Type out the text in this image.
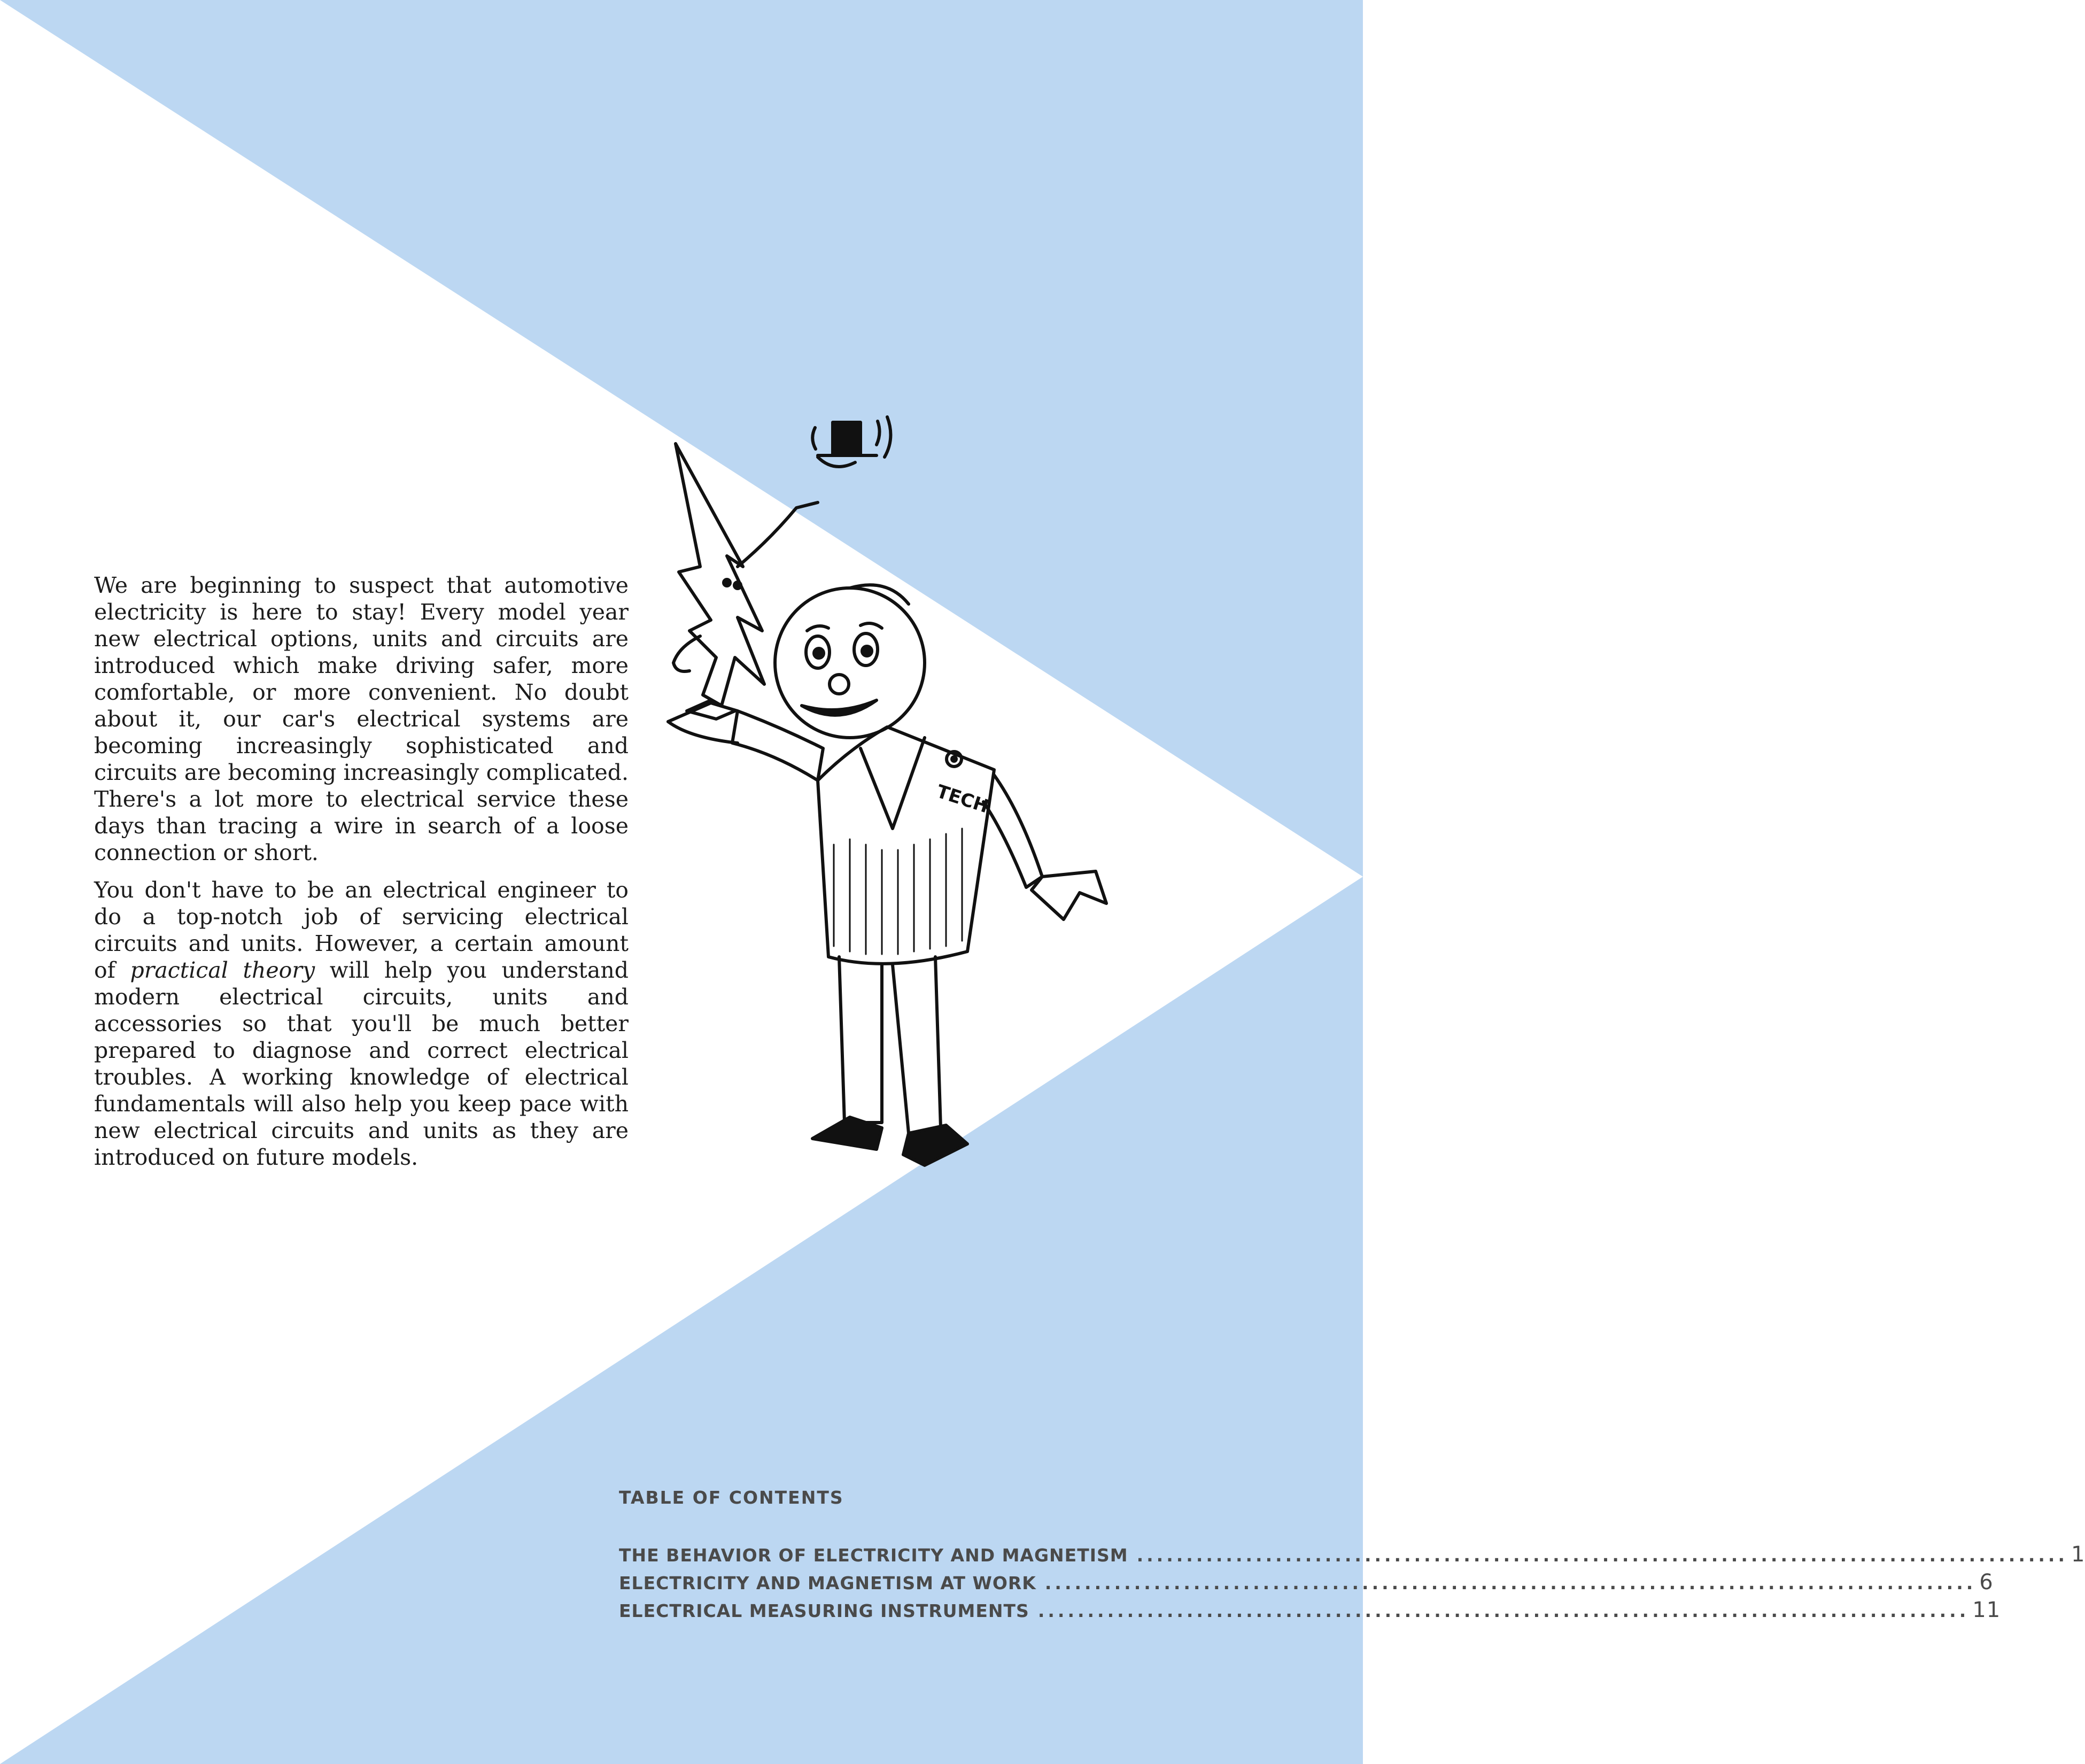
We are beginning to suspect that automotive electricity is here to stay! Every model year new electrical options, units and circuits are introduced which make driving safer, more comfortable, or more convenient. No doubt about it, our car's electrical systems are becoming increasingly sophisticated and circuits are becoming increasingly complicated. There's a lot more to electrical service these days than tracing a wire in search of a loose connection or short.

You don't have to be an electrical engineer to do a top-notch job of servicing electrical circuits and units. However, a certain amount of practical theory will help you understand modern electrical circuits, units and accessories so that you'll be much better prepared to diagnose and correct electrical troubles. A working knowledge of electrical fundamentals will also help you keep pace with new electrical circuits and units as they are introduced on future models.

TECH
TABLE OF CONTENTS
THE BEHAVIOR OF ELECTRICITY AND MAGNETISM .............................................................................................. 1
ELECTRICITY AND MAGNETISM AT WORK .............................................................................................. 6
ELECTRICAL MEASURING INSTRUMENTS .............................................................................................. 11
